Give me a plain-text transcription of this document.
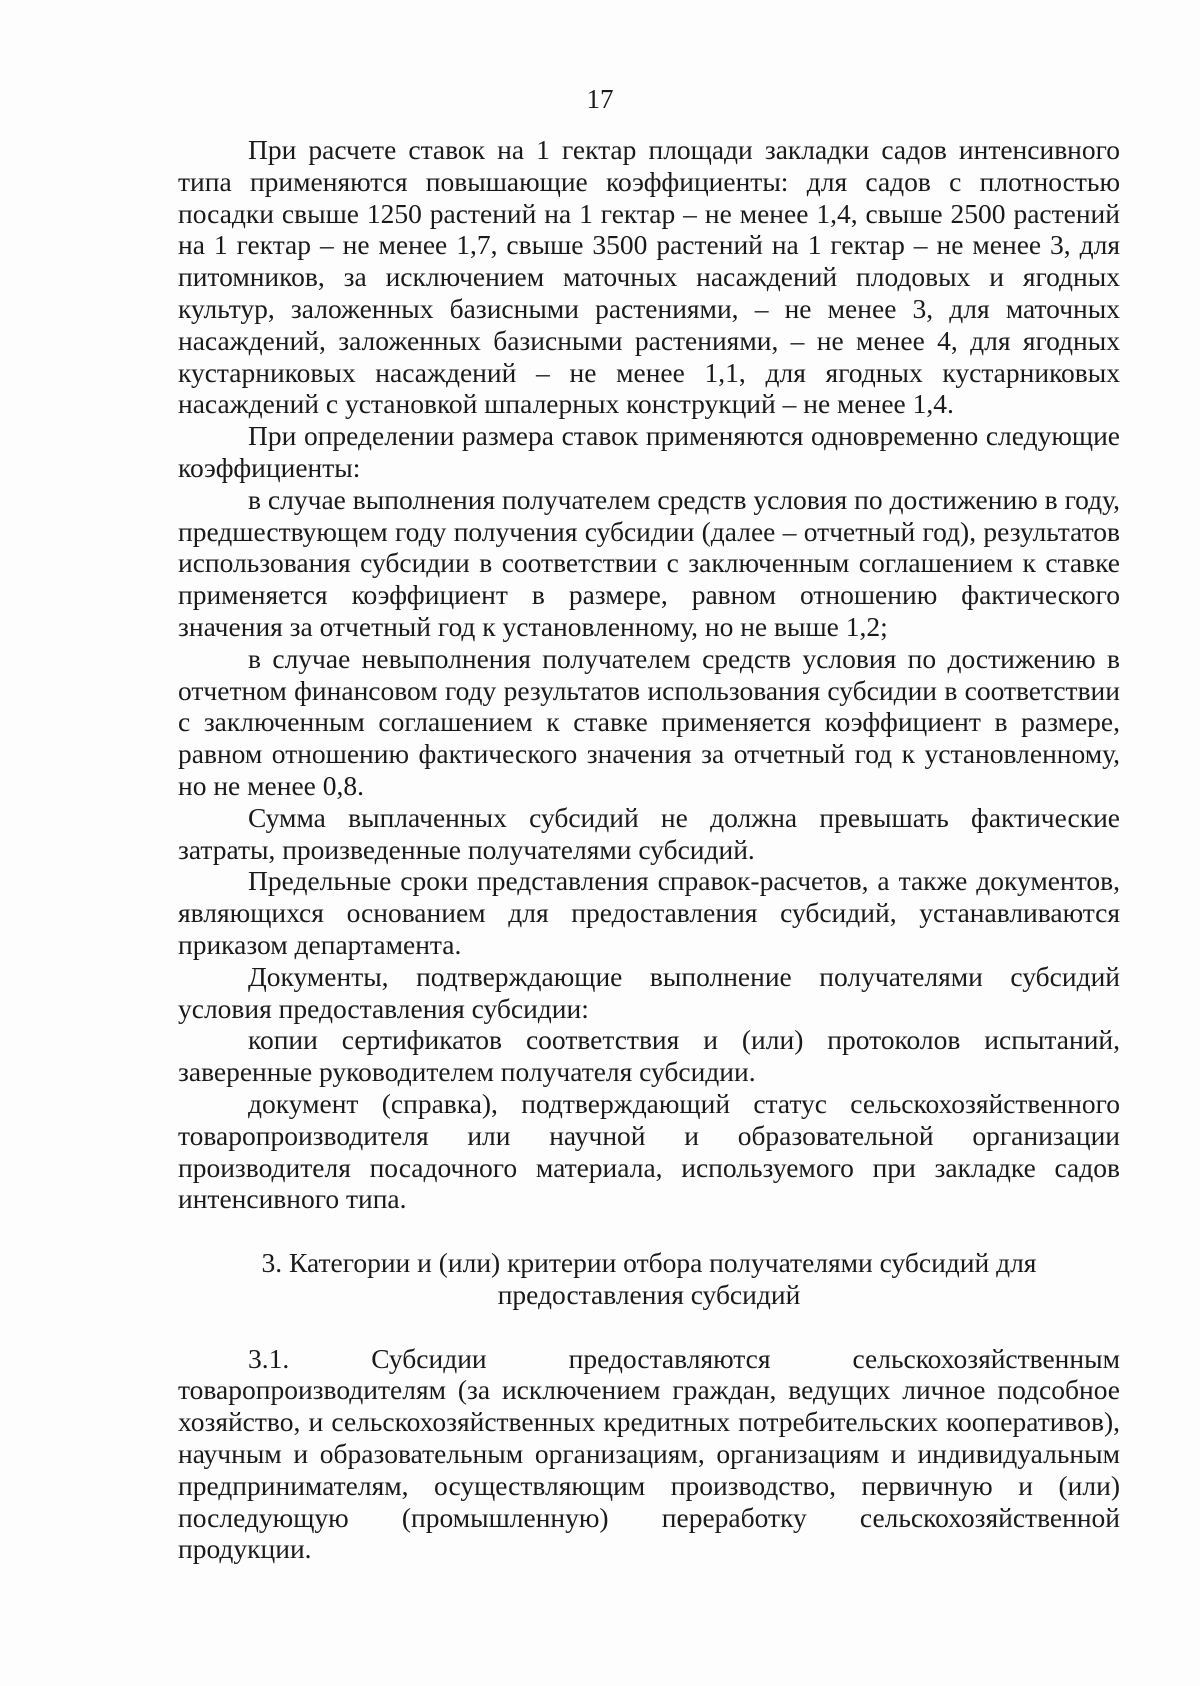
17

При расчете ставок на 1 гектар площади закладки садов интенсивного типа применяются повышающие коэффициенты: для садов с плотностью посадки свыше 1250 растений на 1 гектар – не менее 1,4, свыше 2500 растений на 1 гектар – не менее 1,7, свыше 3500 растений на 1 гектар – не менее 3, для питомников, за исключением маточных насаждений плодовых и ягодных культур, заложенных базисными растениями, – не менее 3, для маточных насаждений, заложенных базисными растениями, – не менее 4, для ягодных кустарниковых насаждений – не менее 1,1, для ягодных кустарниковых насаждений с установкой шпалерных конструкций – не менее 1,4.

При определении размера ставок применяются одновременно следующие коэффициенты:

в случае выполнения получателем средств условия по достижению в году, предшествующем году получения субсидии (далее – отчетный год), результатов использования субсидии в соответствии с заключенным соглашением к ставке применяется коэффициент в размере, равном отношению фактического значения за отчетный год к установленному, но не выше 1,2;

в случае невыполнения получателем средств условия по достижению в отчетном финансовом году результатов использования субсидии в соответствии с заключенным соглашением к ставке применяется коэффициент в размере, равном отношению фактического значения за отчетный год к установленному, но не менее 0,8.

Сумма выплаченных субсидий не должна превышать фактические затраты, произведенные получателями субсидий.

Предельные сроки представления справок-расчетов, а также документов, являющихся основанием для предоставления субсидий, устанавливаются приказом департамента.

Документы, подтверждающие выполнение получателями субсидий условия предоставления субсидии:

копии сертификатов соответствия и (или) протоколов испытаний, заверенные руководителем получателя субсидии.

документ (справка), подтверждающий статус сельскохозяйственного товаропроизводителя или научной и образовательной организации производителя посадочного материала, используемого при закладке садов интенсивного типа.

3. Категории и (или) критерии отбора получателями субсидий для
предоставления субсидий

3.1. Субсидии предоставляются сельскохозяйственным товаропроизводителям (за исключением граждан, ведущих личное подсобное хозяйство, и сельскохозяйственных кредитных потребительских кооперативов), научным и образовательным организациям, организациям и индивидуальным предпринимателям, осуществляющим производство, первичную и (или) последующую (промышленную) переработку сельскохозяйственной продукции.
